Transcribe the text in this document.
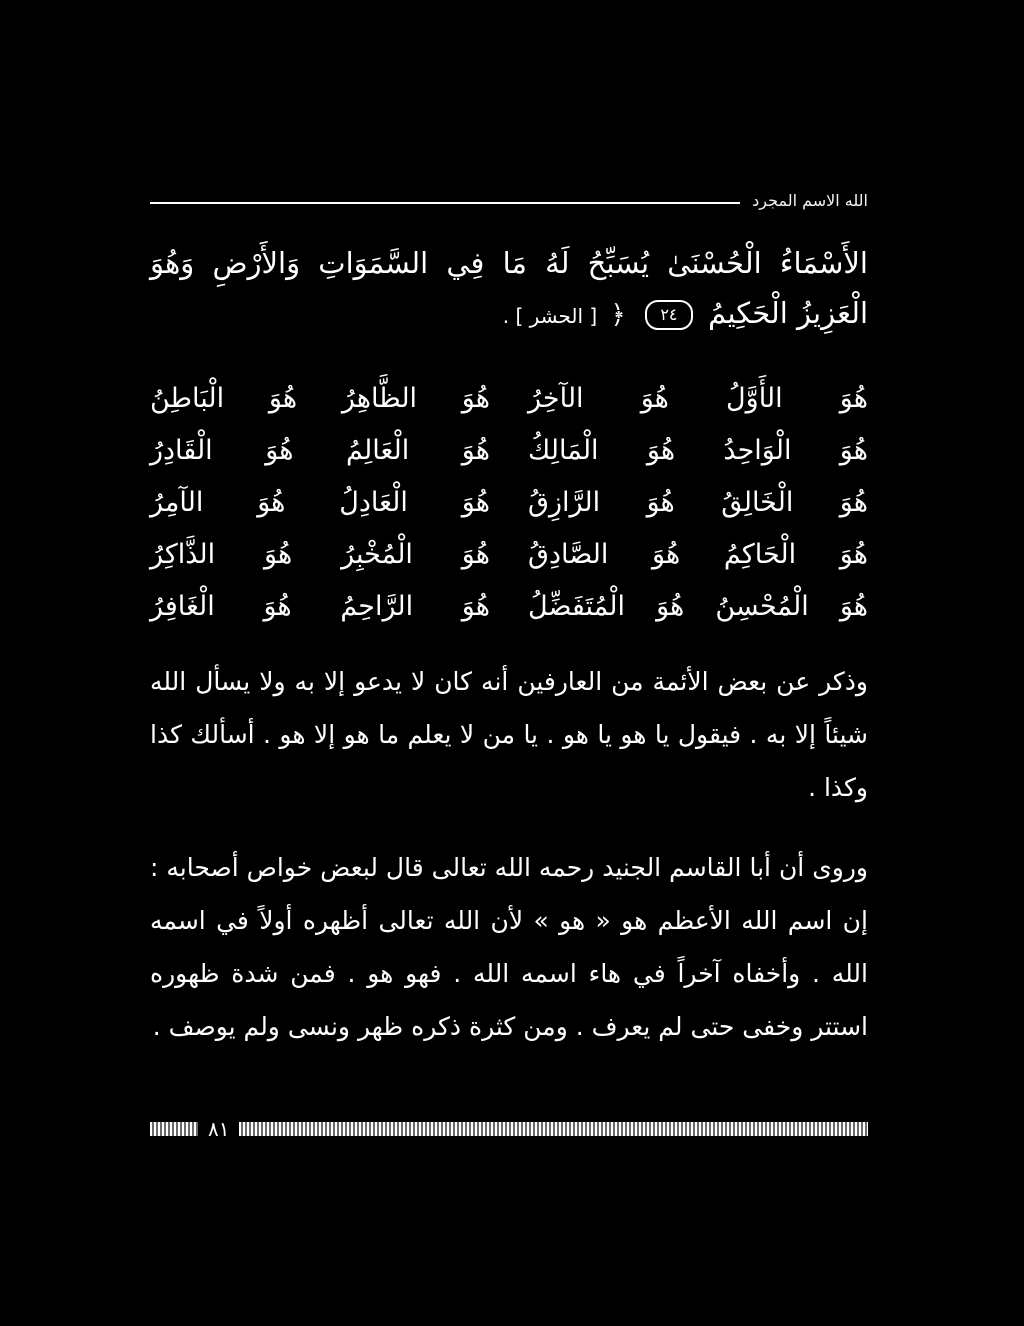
الله الاسم المجرد
الأَسْمَاءُ الْحُسْنَىٰ يُسَبِّحُ لَهُ مَا فِي السَّمَوَاتِ وَالأَرْضِ وَهُوَ الْعَزِيزُ الْحَكِيمُ ٢٤ ﴿ [ الحشر ] .
هُوَ الأَوَّلُ هُوَ الآخِرُ
هُوَ الظَّاهِرُ هُوَ الْبَاطِنُ
هُوَ الْوَاحِدُ هُوَ الْمَالِكُ
هُوَ الْعَالِمُ هُوَ الْقَادِرُ
هُوَ الْخَالِقُ هُوَ الرَّازِقُ
هُوَ الْعَادِلُ هُوَ الآمِرُ
هُوَ الْحَاكِمُ هُوَ الصَّادِقُ
هُوَ الْمُخْبِرُ هُوَ الذَّاكِرُ
هُوَ الْمُحْسِنُ هُوَ الْمُتَفَضِّلُ
هُوَ الرَّاحِمُ هُوَ الْغَافِرُ

وذكر عن بعض الأئمة من العارفين أنه كان لا يدعو إلا به ولا يسأل الله شيئاً إلا به . فيقول يا هو يا هو . يا من لا يعلم ما هو إلا هو . أسألك كذا وكذا .

وروى أن أبا القاسم الجنيد رحمه الله تعالى قال لبعض خواص أصحابه : إن اسم الله الأعظم هو « هو » لأن الله تعالى أظهره أولاً في اسمه الله . وأخفاه آخراً في هاء اسمه الله . فهو هو . فمن شدة ظهوره استتر وخفى حتى لم يعرف . ومن كثرة ذكره ظهر ونسى ولم يوصف .

٨١
